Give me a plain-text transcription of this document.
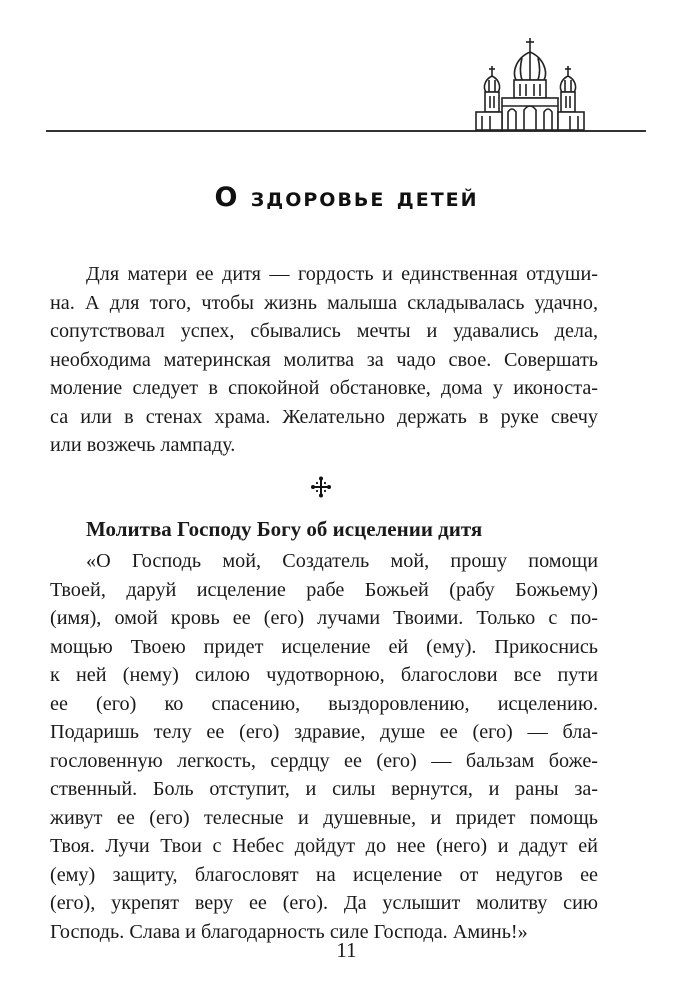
О здоровье детей
Для матери ее дитя — гордость и единственная отдуши-
на. А для того, чтобы жизнь малыша складывалась удачно,
сопутствовал успех, сбывались мечты и удавались дела,
необходима материнская молитва за чадо свое. Совершать
моление следует в спокойной обстановке, дома у иконоста-
са или в стенах храма. Желательно держать в руке свечу
или возжечь лампаду.
Молитва Господу Богу об исцелении дитя
«О Господь мой, Создатель мой, прошу помощи
Твоей, даруй исцеление рабе Божьей (рабу Божьему)
(имя), омой кровь ее (его) лучами Твоими. Только с по-
мощью Твоею придет исцеление ей (ему). Прикоснись
к ней (нему) силою чудотворною, благослови все пути
ее (его) ко спасению, выздоровлению, исцелению.
Подаришь телу ее (его) здравие, душе ее (его) — бла-
гословенную легкость, сердцу ее (его) — бальзам боже-
ственный. Боль отступит, и силы вернутся, и раны за-
живут ее (его) телесные и душевные, и придет помощь
Твоя. Лучи Твои с Небес дойдут до нее (него) и дадут ей
(ему) защиту, благословят на исцеление от недугов ее
(его), укрепят веру ее (его). Да услышит молитву сию
Господь. Слава и благодарность силе Господа. Аминь!»
11
